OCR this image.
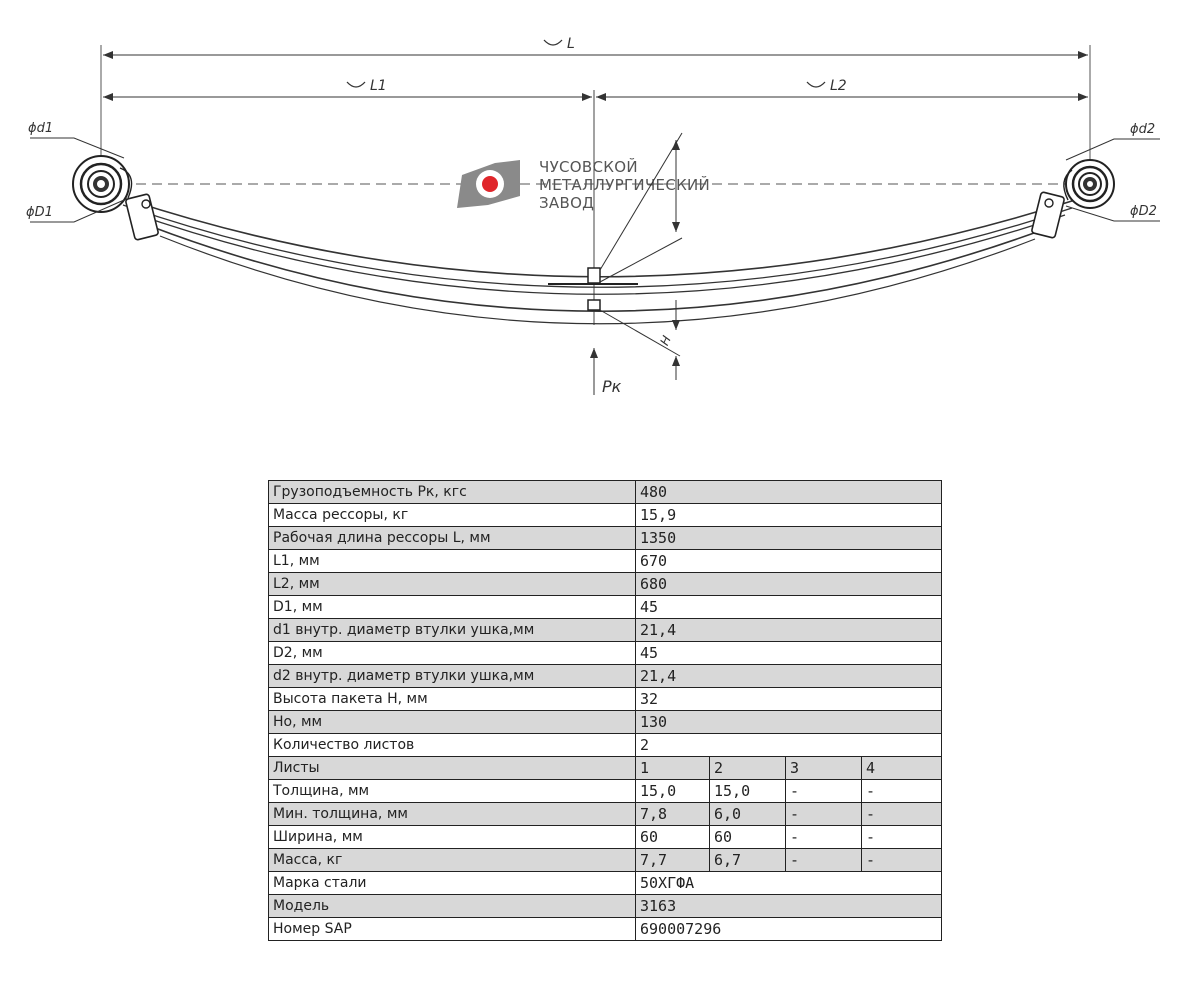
L
L1	L2
ЧУСОВСКОЙ
МЕТАЛЛУРГИЧЕСКИЙ
ЗАВОД
ϕd1
ϕD1
ϕd2
ϕD2
H
Pк
Грузоподъемность Рк, кгс	480			
Масса рессоры, кг	15,9			
Рабочая длина рессоры L, мм	1350			
L1, мм	670			
L2, мм	680			
D1, мм	45			
d1 внутр. диаметр втулки ушка,мм	21,4			
D2, мм	45			
d2 внутр. диаметр втулки ушка,мм	21,4			
Высота пакета Н, мм	32			
Но, мм	130			
Количество листов	2			
Листы	1	2	3	4
Толщина, мм	15,0	15,0	-	-
Мин. толщина, мм	7,8	6,0	-	-
Ширина, мм	60	60	-	-
Масса, кг	7,7	6,7	-	-
Марка стали	50ХГФА			
Модель	3163			
Номер SAP	690007296			
